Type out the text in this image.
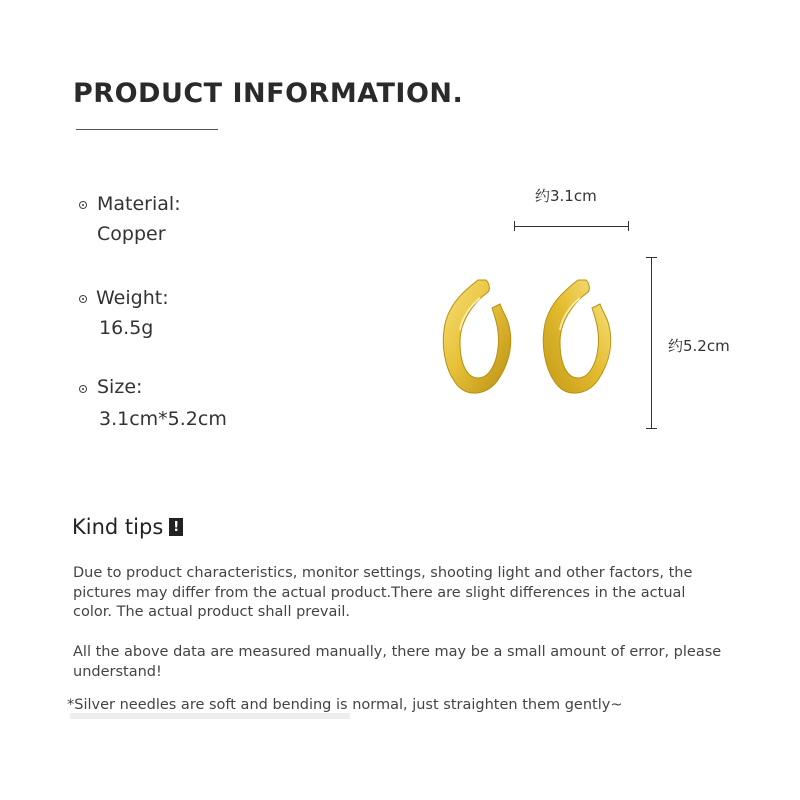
PRODUCT INFORMATION.
Material:
Copper
Weight:
16.5g
Size:
3.1cm*5.2cm
约3.1cm
约5.2cm
Kind tips !
Due to product characteristics, monitor settings, shooting light and other factors, the pictures may differ from the actual product.There are slight differences in the actual color. The actual product shall prevail.
All the above data are measured manually, there may be a small amount of error, please understand!
*Silver needles are soft and bending is normal, just straighten them gently~
